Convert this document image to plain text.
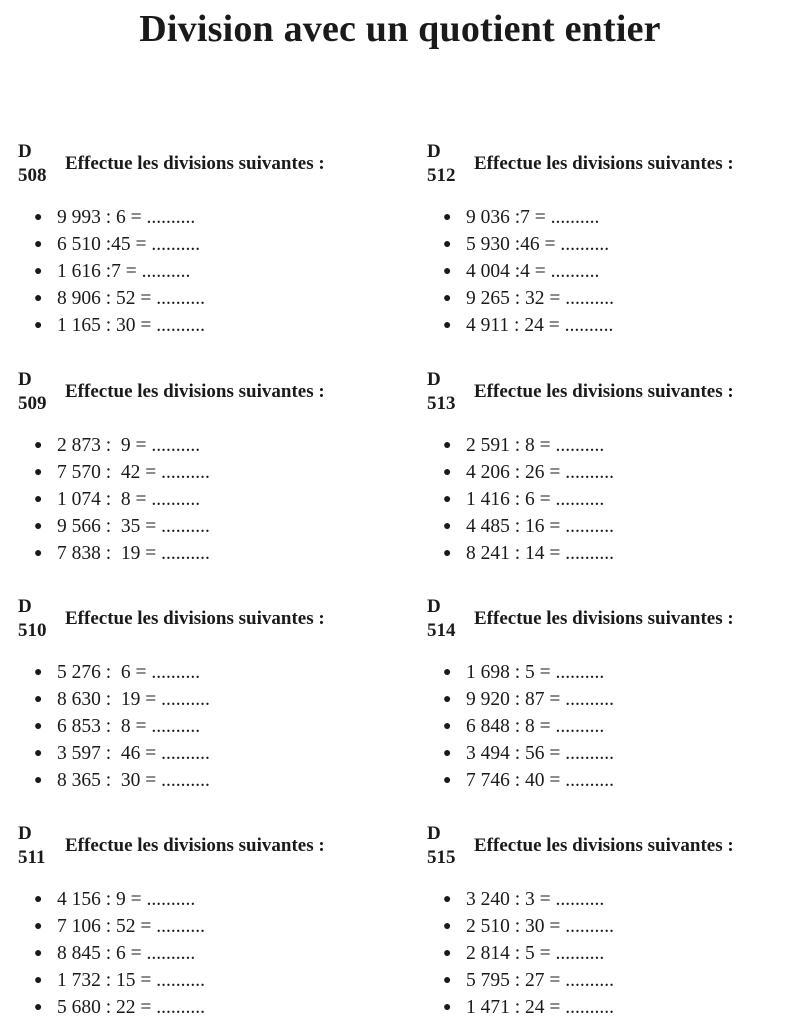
Division avec un quotient entier
D
508
Effectue les divisions suivantes :
● 9 993 : 6 = ..........
● 6 510 :45 = ..........
● 1 616 :7 = ..........
● 8 906 : 52 = ..........
● 1 165 : 30 = ..........
D
509
Effectue les divisions suivantes :
● 2 873 :  9 = ..........
● 7 570 :  42 = ..........
● 1 074 :  8 = ..........
● 9 566 :  35 = ..........
● 7 838 :  19 = ..........
D
510
Effectue les divisions suivantes :
● 5 276 :  6 = ..........
● 8 630 :  19 = ..........
● 6 853 :  8 = ..........
● 3 597 :  46 = ..........
● 8 365 :  30 = ..........
D
511
Effectue les divisions suivantes :
● 4 156 : 9 = ..........
● 7 106 : 52 = ..........
● 8 845 : 6 = ..........
● 1 732 : 15 = ..........
● 5 680 : 22 = ..........
D
512
Effectue les divisions suivantes :
● 9 036 :7 = ..........
● 5 930 :46 = ..........
● 4 004 :4 = ..........
● 9 265 : 32 = ..........
● 4 911 : 24 = ..........
D
513
Effectue les divisions suivantes :
● 2 591 : 8 = ..........
● 4 206 : 26 = ..........
● 1 416 : 6 = ..........
● 4 485 : 16 = ..........
● 8 241 : 14 = ..........
D
514
Effectue les divisions suivantes :
● 1 698 : 5 = ..........
● 9 920 : 87 = ..........
● 6 848 : 8 = ..........
● 3 494 : 56 = ..........
● 7 746 : 40 = ..........
D
515
Effectue les divisions suivantes :
● 3 240 : 3 = ..........
● 2 510 : 30 = ..........
● 2 814 : 5 = ..........
● 5 795 : 27 = ..........
● 1 471 : 24 = ..........
